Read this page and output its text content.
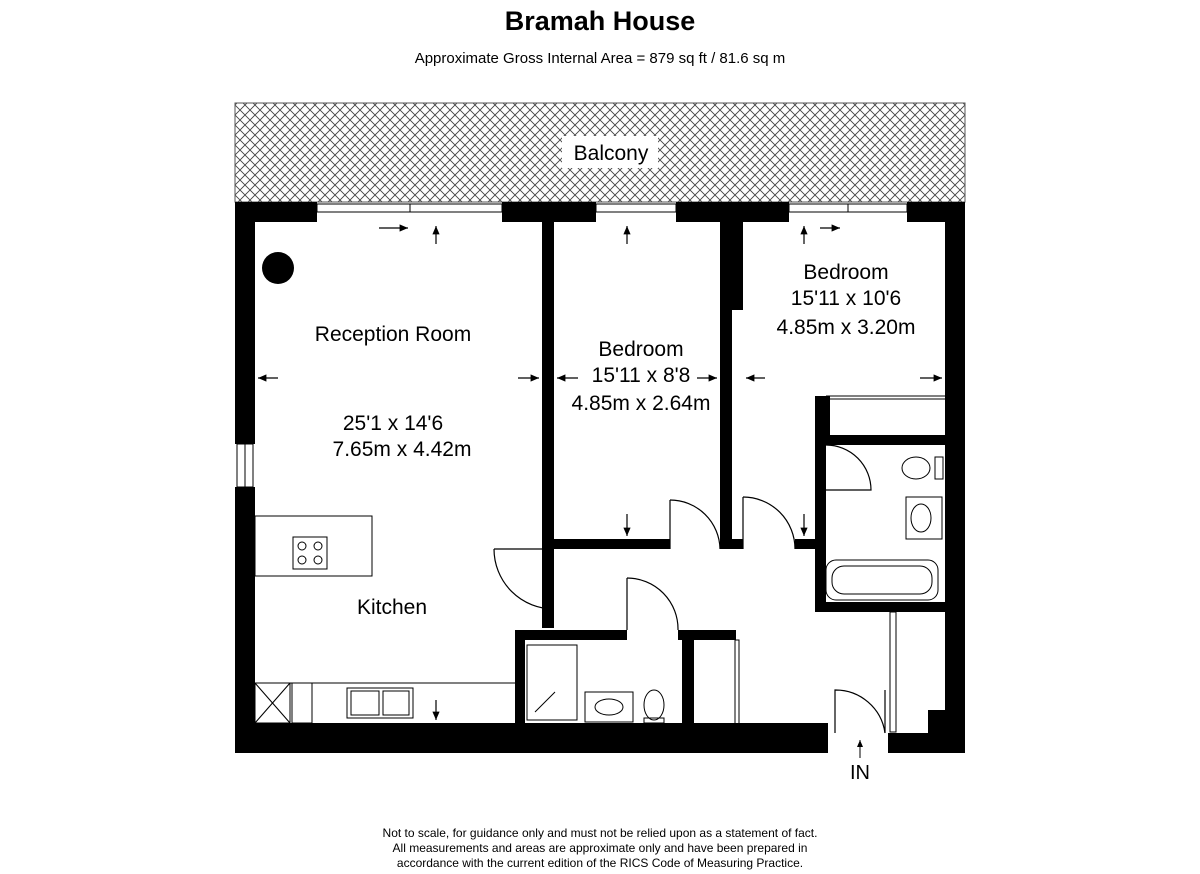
Bramah House
Approximate Gross Internal Area = 879 sq ft / 81.6 sq m
Balcony
IN
Reception Room
25'1 x 14'6
7.65m x 4.42m
Kitchen
Bedroom
15'11 x 8'8
4.85m x 2.64m
Bedroom
15'11 x 10'6
4.85m x 3.20m
Not to scale, for guidance only and must not be relied upon as a statement of fact.
All measurements and areas are approximate only and have been prepared in
accordance with the current edition of the RICS Code of Measuring Practice.
